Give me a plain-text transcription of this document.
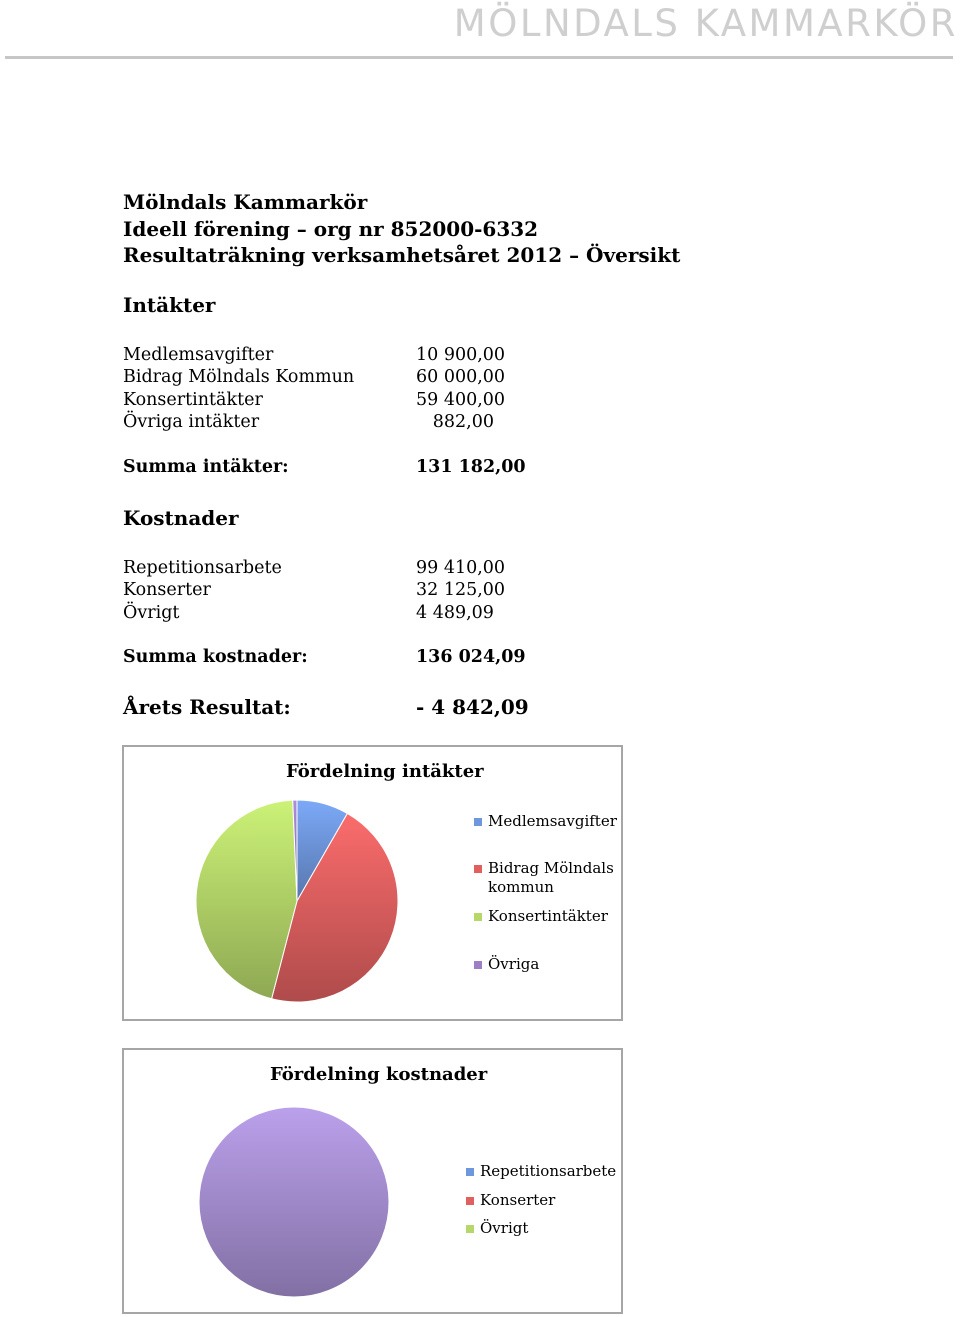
MÖLNDALS KAMMARKÖR
Mölndals Kammarkör
Ideell förening – org nr 852000-6332
Resultaträkning verksamhetsåret 2012 – Översikt
Intäkter
Medlemsavgifter	10 900,00
Bidrag Mölndals Kommun	60 000,00
Konsertintäkter	59 400,00
Övriga intäkter	882,00
Summa intäkter:	131 182,00
Kostnader
Repetitionsarbete	99 410,00
Konserter	32 125,00
Övrigt	4 489,09
Summa kostnader:	136 024,09
Årets Resultat:	- 4 842,09
Fördelning intäkter
Medlemsavgifter
Bidrag Mölndals kommun
Konsertintäkter
Övriga
Fördelning kostnader
Repetitionsarbete
Konserter
Övrigt
